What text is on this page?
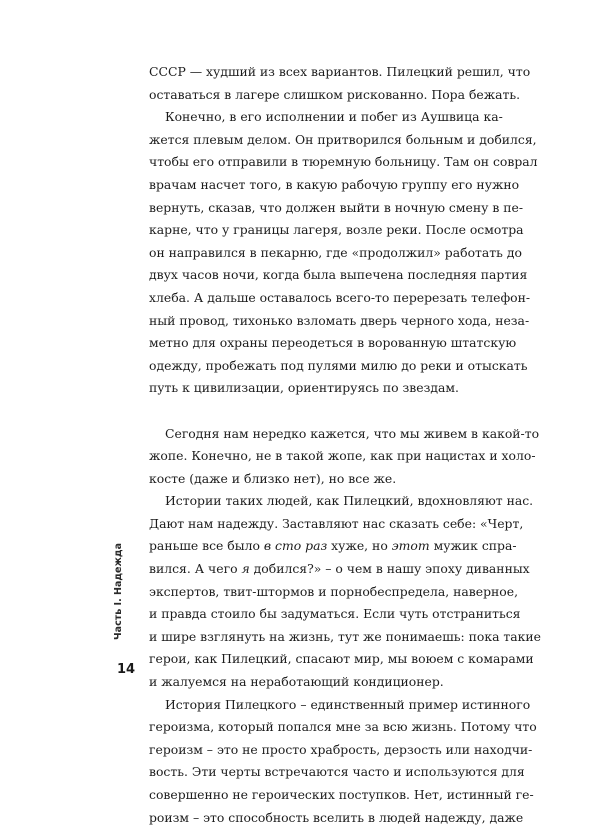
СССР — худший из всех вариантов. Пилецкий решил, что
оставаться в лагере слишком рискованно. Пора бежать.
Конечно, в его исполнении и побег из Аушвица ка-
жется плевым делом. Он притворился больным и добился,
чтобы его отправили в тюремную больницу. Там он соврал
врачам насчет того, в какую рабочую группу его нужно
вернуть, сказав, что должен выйти в ночную смену в пе-
карне, что у границы лагеря, возле реки. После осмотра
он направился в пекарню, где «продолжил» работать до
двух часов ночи, когда была выпечена последняя партия
хлеба. А дальше оставалось всего-то перерезать телефон-
ный провод, тихонько взломать дверь черного хода, неза-
метно для охраны переодеться в ворованную штатскую
одежду, пробежать под пулями милю до реки и отыскать
путь к цивилизации, ориентируясь по звездам.
Сегодня нам нередко кажется, что мы живем в какой-то
жопе. Конечно, не в такой жопе, как при нацистах и холо-
косте (даже и близко нет), но все же.
Истории таких людей, как Пилецкий, вдохновляют нас.
Дают нам надежду. Заставляют нас сказать себе: «Черт,
раньше все было в сто раз хуже, но этот мужик спра-
вился. А чего я добился?» – о чем в нашу эпоху диванных
экспертов, твит-штормов и порнобеспредела, наверное,
и правда стоило бы задуматься. Если чуть отстраниться
и шире взглянуть на жизнь, тут же понимаешь: пока такие
герои, как Пилецкий, спасают мир, мы воюем с комарами
и жалуемся на неработающий кондиционер.
История Пилецкого – единственный пример истинного
героизма, который попался мне за всю жизнь. Потому что
героизм – это не просто храбрость, дерзость или находчи-
вость. Эти черты встречаются часто и используются для
совершенно не героических поступков. Нет, истинный ге-
роизм – это способность вселить в людей надежду, даже
Часть I. Надежда
14
